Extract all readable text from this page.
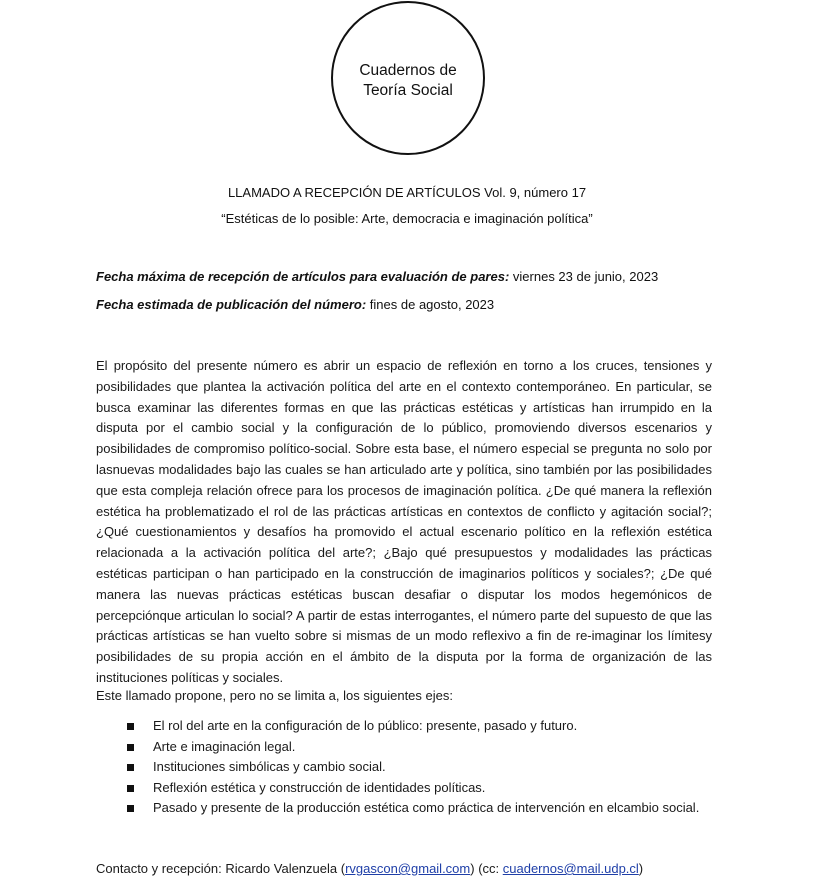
Cuadernos de
Teoría Social
LLAMADO A RECEPCIÓN DE ARTÍCULOS Vol. 9, número 17
“Estéticas de lo posible: Arte, democracia e imaginación política”
Fecha máxima de recepción de artículos para evaluación de pares: viernes 23 de junio, 2023
Fecha estimada de publicación del número: fines de agosto, 2023

El propósito del presente número es abrir un espacio de reflexión en torno a los cruces, tensiones y posibilidades que plantea la activación política del arte en el contexto contemporáneo. En particular, se busca examinar las diferentes formas en que las prácticas estéticas y artísticas han irrumpido en la disputa por el cambio social y la configuración de lo público, promoviendo diversos escenarios y posibilidades de compromiso político-social. Sobre esta base, el número especial se pregunta no solo por lasnuevas modalidades bajo las cuales se han articulado arte y política, sino también por las posibilidades que esta compleja relación ofrece para los procesos de imaginación política. ¿De qué manera la reflexión estética ha problematizado el rol de las prácticas artísticas en contextos de conflicto y agitación social?; ¿Qué cuestionamientos y desafíos ha promovido el actual escenario político en la reflexión estética relacionada a la activación política del arte?; ¿Bajo qué presupuestos y modalidades las prácticas estéticas participan o han participado en la construcción de imaginarios políticos y sociales?; ¿De qué manera las nuevas prácticas estéticas buscan desafiar o disputar los modos hegemónicos de percepciónque articulan lo social? A partir de estas interrogantes, el número parte del supuesto de que las prácticas artísticas se han vuelto sobre si mismas de un modo reflexivo a fin de re-imaginar los límitesy posibilidades de su propia acción en el ámbito de la disputa por la forma de organización de las instituciones políticas y sociales.

Este llamado propone, pero no se limita a, los siguientes ejes:

El rol del arte en la configuración de lo público: presente, pasado y futuro.
Arte e imaginación legal.
Instituciones simbólicas y cambio social.
Reflexión estética y construcción de identidades políticas.
Pasado y presente de la producción estética como práctica de intervención en elcambio social.
Contacto y recepción: Ricardo Valenzuela (rvgascon@gmail.com) (cc: cuadernos@mail.udp.cl)
